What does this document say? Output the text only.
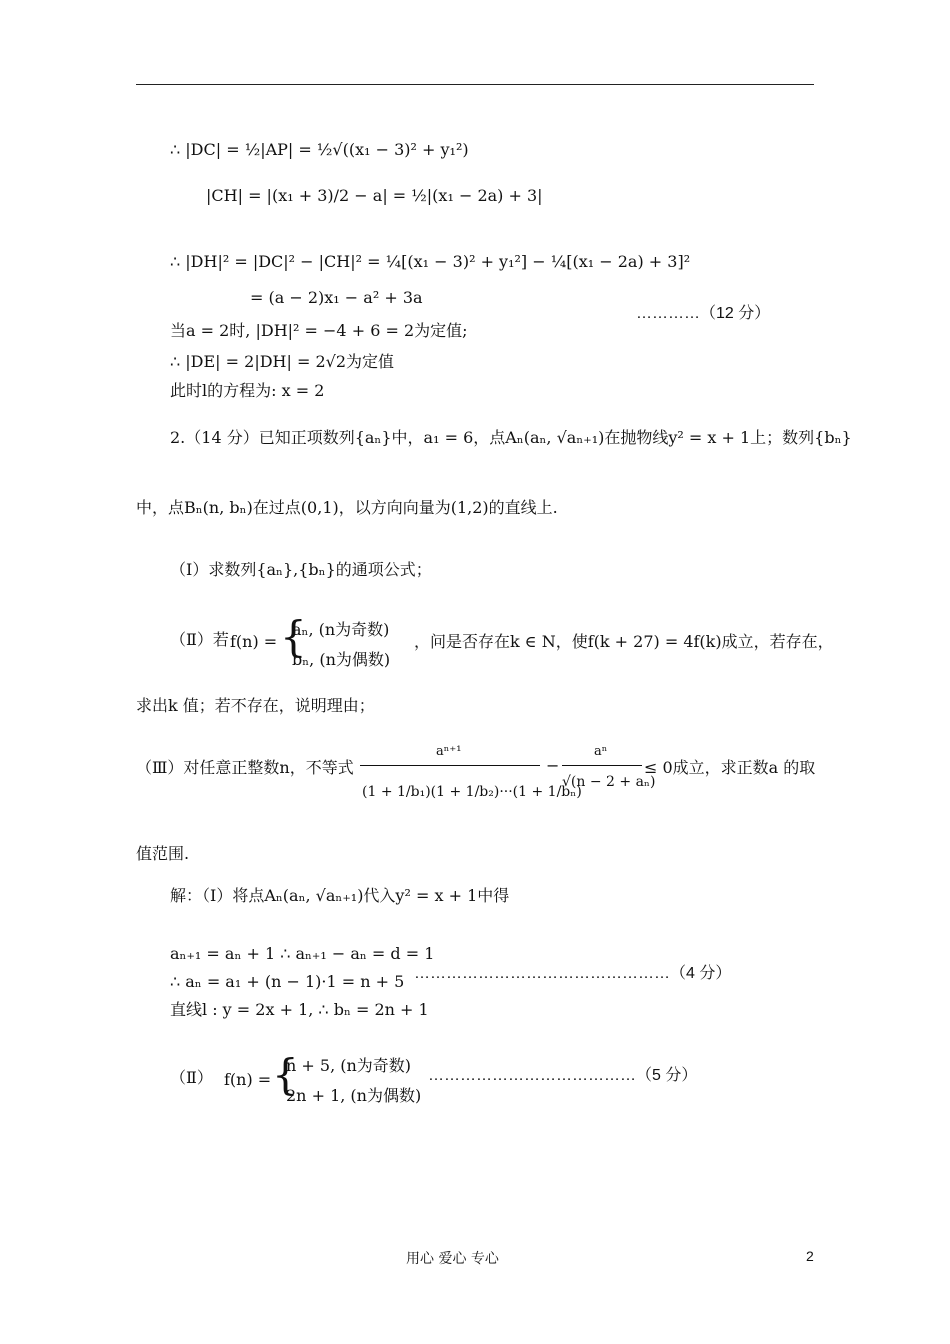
∴ |DC| = ½|AP| = ½√((x₁ − 3)² + y₁²)
|CH| = |(x₁ + 3)/2 − a| = ½|(x₁ − 2a) + 3|
∴ |DH|² = |DC|² − |CH|² = ¼[(x₁ − 3)² + y₁²] − ¼[(x₁ − 2a) + 3]²
= (a − 2)x₁ − a² + 3a
…………（12 分）
当a = 2时, |DH|² = −4 + 6 = 2为定值;
∴ |DE| = 2|DH| = 2√2为定值
此时l的方程为: x = 2
2.（14 分）已知正项数列{aₙ}中，a₁ = 6，点Aₙ(aₙ, √aₙ₊₁)在抛物线y² = x + 1上；数列{bₙ}
中，点Bₙ(n, bₙ)在过点(0,1)，以方向向量为(1,2)的直线上.
（Ⅰ）求数列{aₙ},{bₙ}的通项公式；
（Ⅱ）若 f(n) = {
aₙ, (n为奇数)
bₙ, (n为偶数)
，问是否存在k ∈ N，使f(k + 27) = 4f(k)成立，若存在，
求出k 值；若不存在，说明理由；
（Ⅲ）对任意正整数n，不等式
aⁿ⁺¹
(1 + 1/b₁)(1 + 1/b₂)···(1 + 1/bₙ)
−
aⁿ
√(n − 2 + aₙ)
≤ 0成立，求正数a 的取
值范围.
解：（Ⅰ）将点Aₙ(aₙ, √aₙ₊₁)代入y² = x + 1中得
aₙ₊₁ = aₙ + 1 ∴ aₙ₊₁ − aₙ = d = 1
∴ aₙ = a₁ + (n − 1)·1 = n + 5 …………………………………………（4 分）
直线l : y = 2x + 1, ∴ bₙ = 2n + 1
（Ⅱ） f(n) = {
n + 5, (n为奇数)
2n + 1, (n为偶数)
…………………………………（5 分）
用心 爱心 专心	2
